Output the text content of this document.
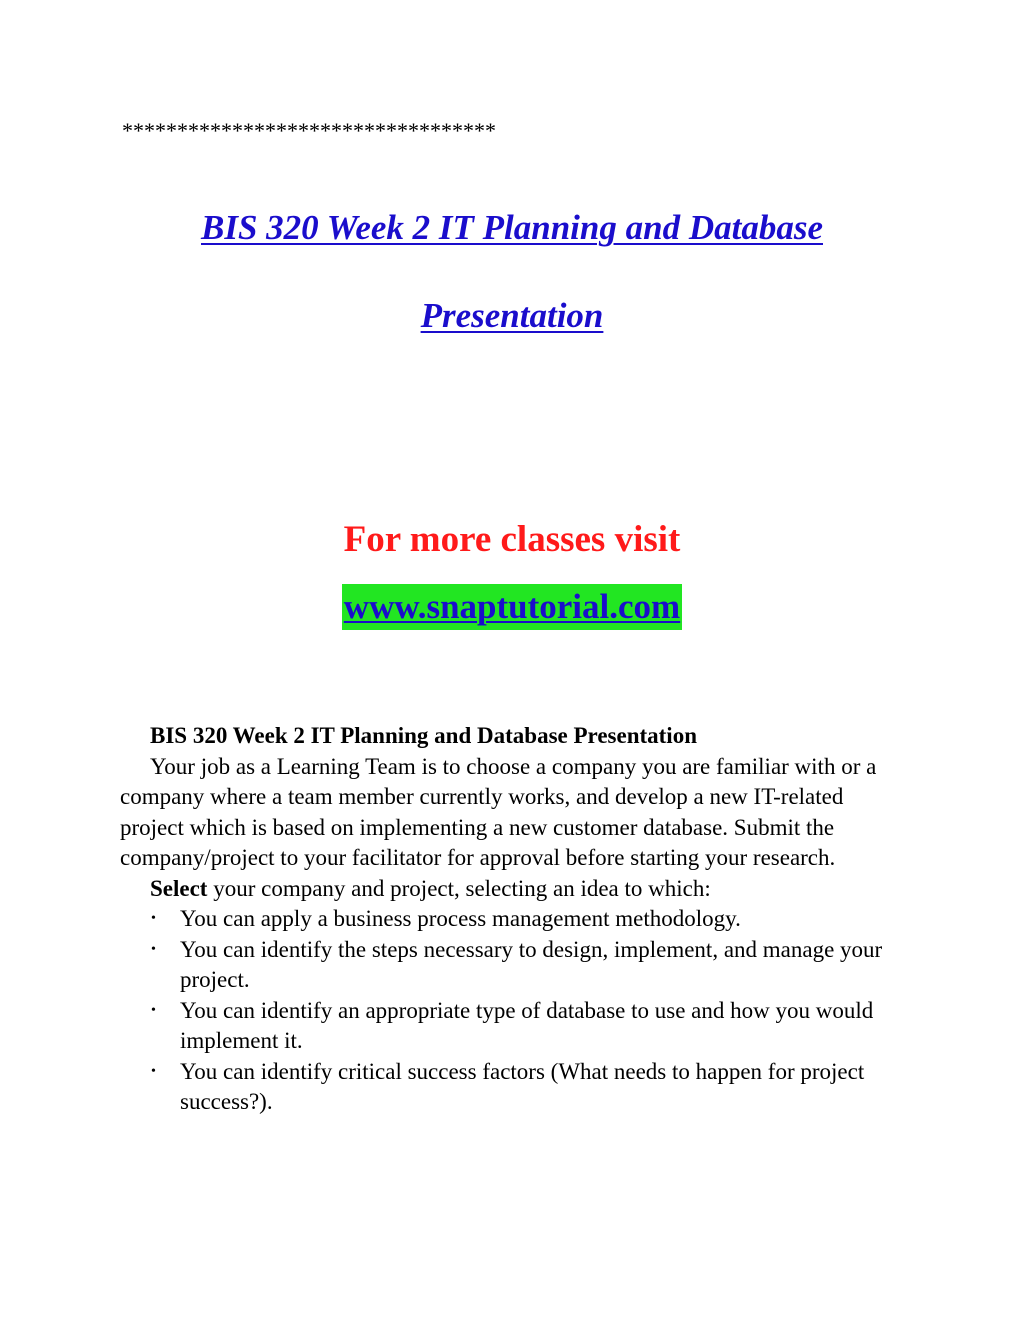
**********************************
BIS 320 Week 2 IT Planning and Database
Presentation
For more classes visit
www.snaptutorial.com

BIS 320 Week 2 IT Planning and Database Presentation

Your job as a Learning Team is to choose a company you are familiar with or a company where a team member currently works, and develop a new IT-related project which is based on implementing a new customer database. Submit the company/project to your facilitator for approval before starting your research.

Select your company and project, selecting an idea to which:

• You can apply a business process management methodology.
• You can identify the steps necessary to design, implement, and manage your project.
• You can identify an appropriate type of database to use and how you would implement it.
• You can identify critical success factors (What needs to happen for project success?).
